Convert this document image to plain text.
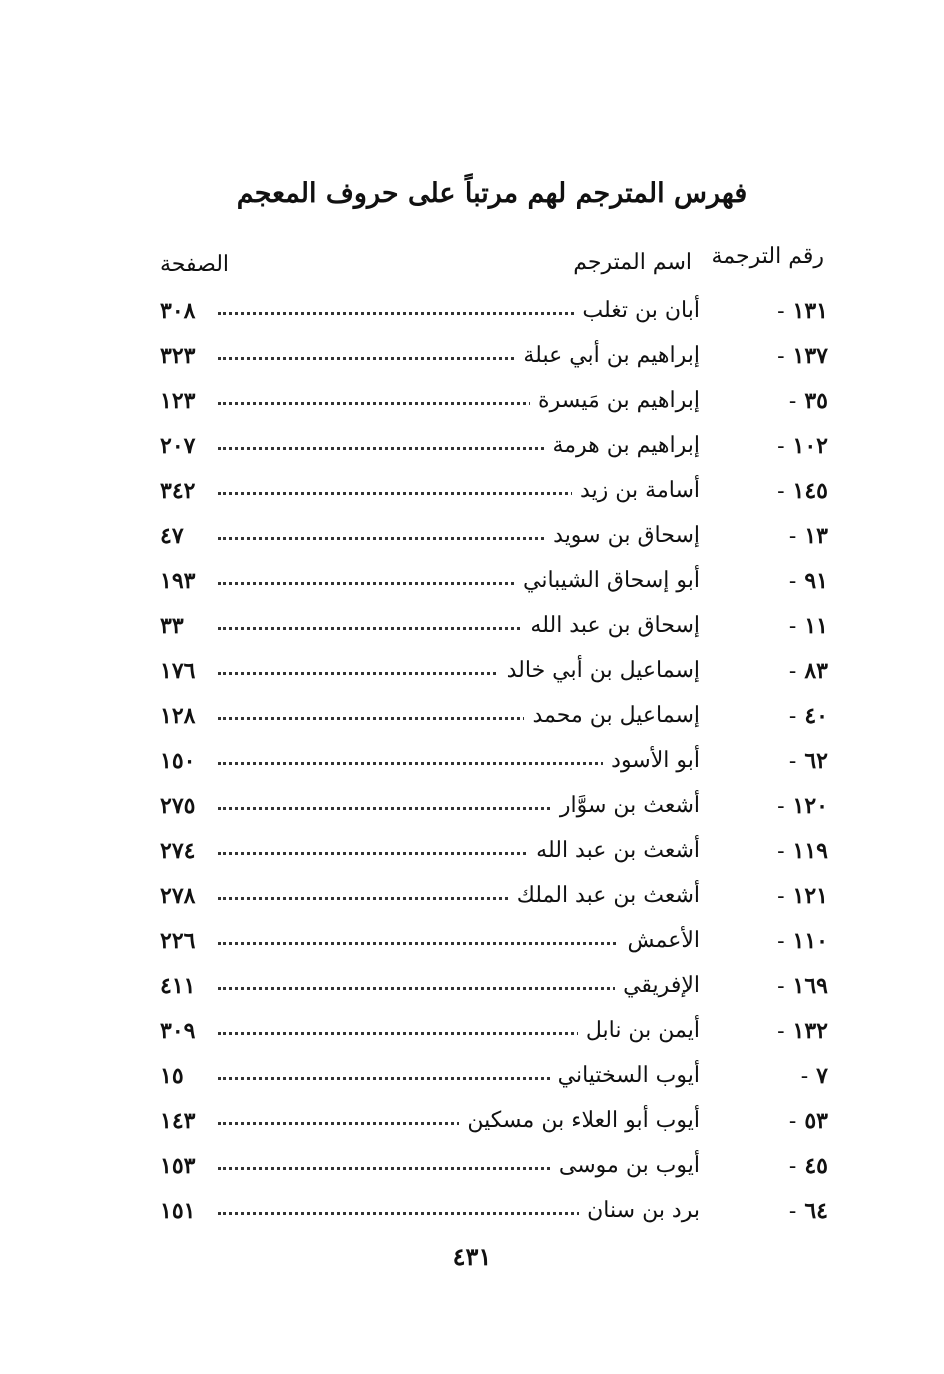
فهرس المترجم لهم مرتباً على حروف المعجم
رقم الترجمة
اسم المترجم
الصفحة
١٣١-
أبان بن تغلب
٣٠٨
١٣٧-
إبراهيم بن أبي عبلة
٣٢٣
٣٥-
إبراهيم بن مَيسرة
١٢٣
١٠٢-
إبراهيم بن هرمة
٢٠٧
١٤٥-
أسامة بن زيد
٣٤٢
١٣-
إسحاق بن سويد
٤٧
٩١-
أبو إسحاق الشيباني
١٩٣
١١-
إسحاق بن عبد الله
٣٣
٨٣-
إسماعيل بن أبي خالد
١٧٦
٤٠-
إسماعيل بن محمد
١٢٨
٦٢-
أبو الأسود
١٥٠
١٢٠-
أشعث بن سوَّار
٢٧٥
١١٩-
أشعث بن عبد الله
٢٧٤
١٢١-
أشعث بن عبد الملك
٢٧٨
١١٠-
الأعمش
٢٢٦
١٦٩-
الإفريقي
٤١١
١٣٢-
أيمن بن نابل
٣٠٩
٧-
أيوب السختياني
١٥
٥٣-
أيوب أبو العلاء بن مسكين
١٤٣
٤٥-
أيوب بن موسى
١٥٣
٦٤-
برد بن سنان
١٥١
٤٣١
